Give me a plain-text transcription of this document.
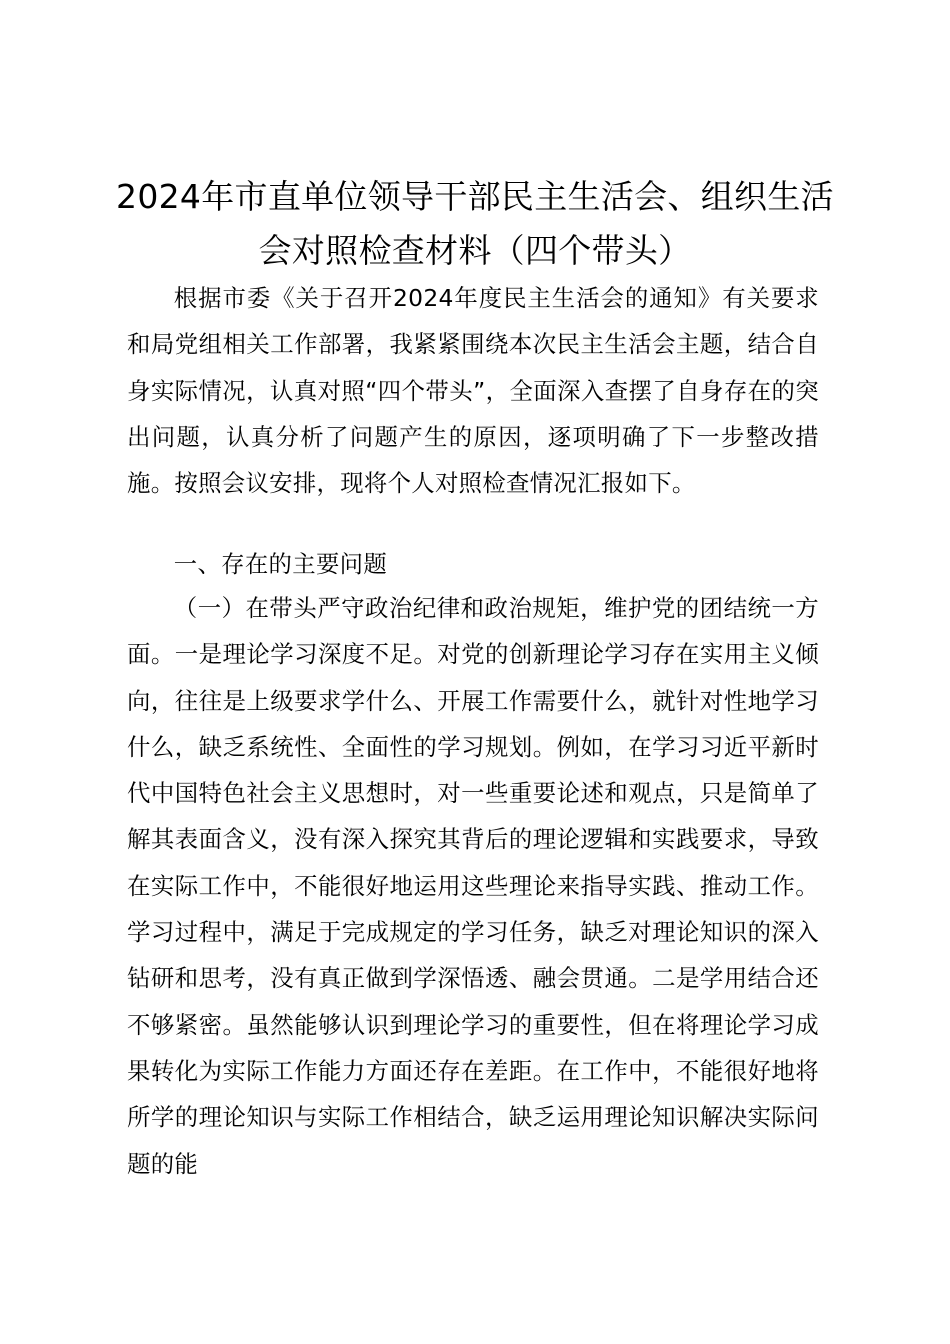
2024年市直单位领导干部民主生活会、组织生活会对照检查材料（四个带头）

根据市委《关于召开2024年度民主生活会的通知》有关要求和局党组相关工作部署，我紧紧围绕本次民主生活会主题，结合自身实际情况，认真对照“四个带头”，全面深入查摆了自身存在的突出问题，认真分析了问题产生的原因，逐项明确了下一步整改措施。按照会议安排，现将个人对照检查情况汇报如下。

一、存在的主要问题

（一）在带头严守政治纪律和政治规矩，维护党的团结统一方面。一是理论学习深度不足。对党的创新理论学习存在实用主义倾向，往往是上级要求学什么、开展工作需要什么，就针对性地学习什么，缺乏系统性、全面性的学习规划。例如，在学习习近平新时代中国特色社会主义思想时，对一些重要论述和观点，只是简单了解其表面含义，没有深入探究其背后的理论逻辑和实践要求，导致在实际工作中，不能很好地运用这些理论来指导实践、推动工作。学习过程中，满足于完成规定的学习任务，缺乏对理论知识的深入钻研和思考，没有真正做到学深悟透、融会贯通。二是学用结合还不够紧密。虽然能够认识到理论学习的重要性，但在将理论学习成果转化为实际工作能力方面还存在差距。在工作中，不能很好地将所学的理论知识与实际工作相结合，缺乏运用理论知识解决实际问题的能
